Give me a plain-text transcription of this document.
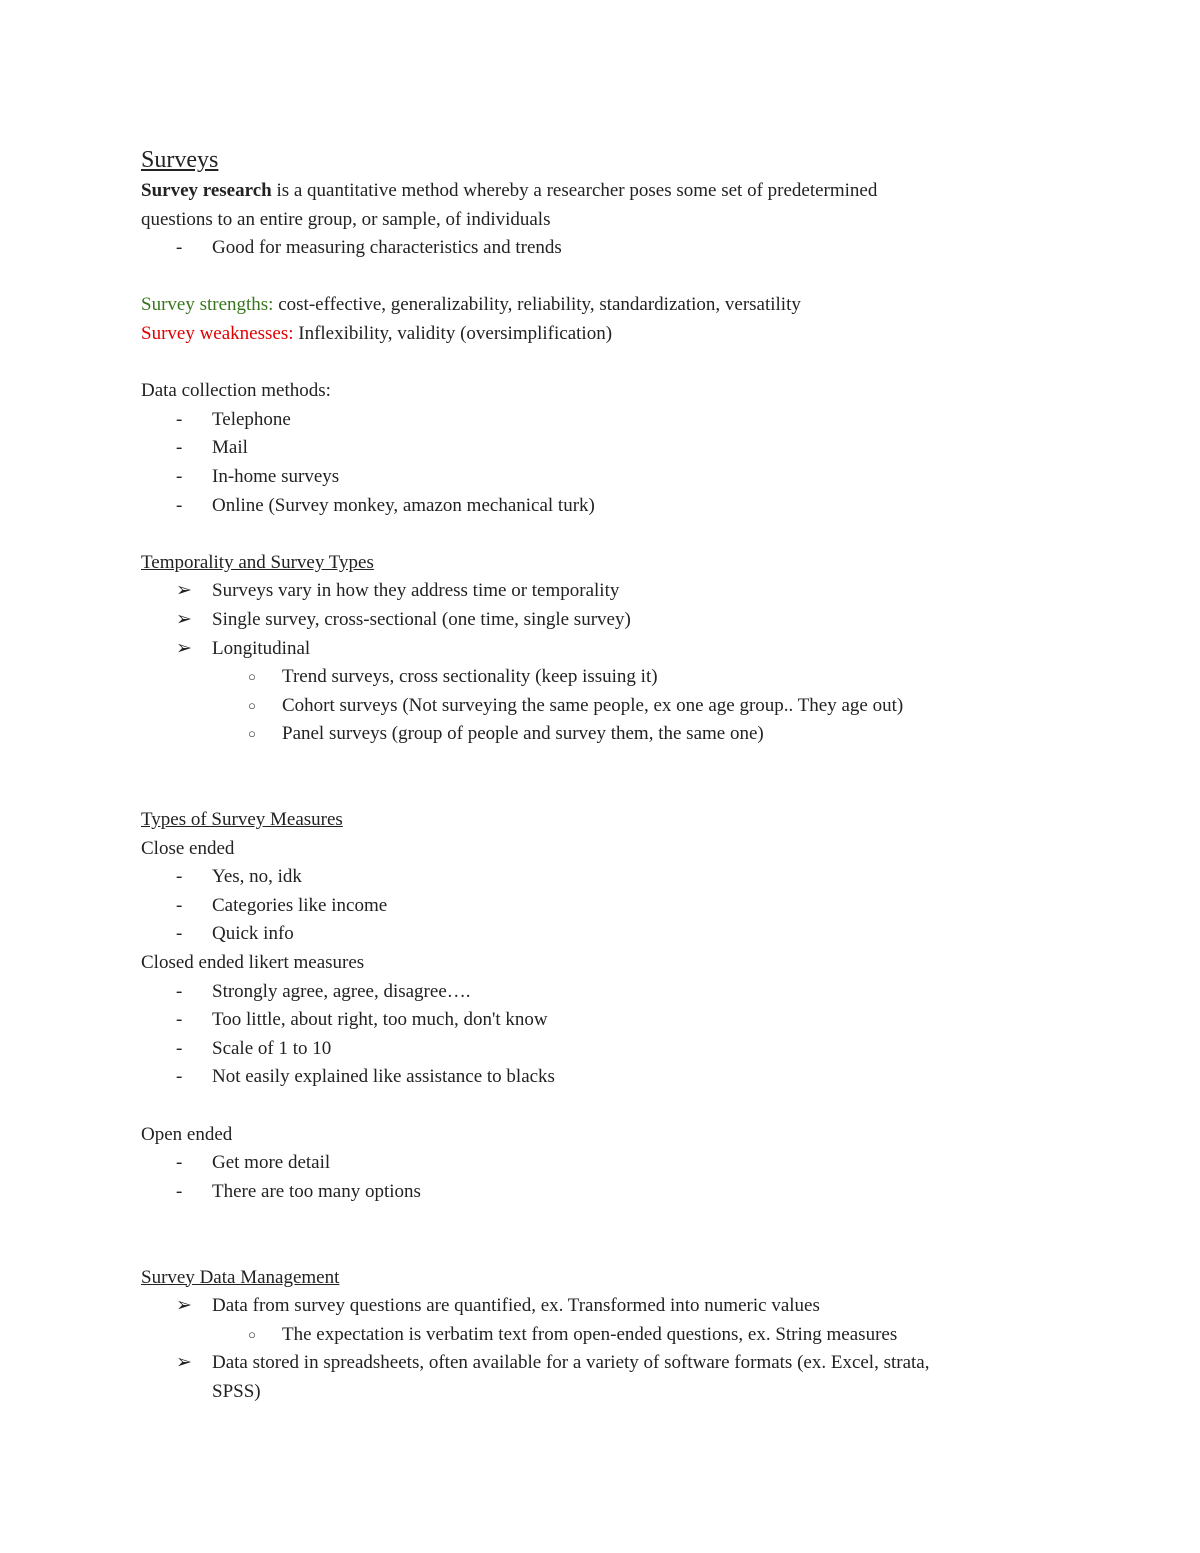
Surveys
Survey research is a quantitative method whereby a researcher poses some set of predetermined
questions to an entire group, or sample, of individuals
- Good for measuring characteristics and trends
Survey strengths: cost-effective, generalizability, reliability, standardization, versatility
Survey weaknesses: Inflexibility, validity (oversimplification)
Data collection methods:
- Telephone
- Mail
- In-home surveys
- Online (Survey monkey, amazon mechanical turk)
Temporality and Survey Types
➢ Surveys vary in how they address time or temporality
➢ Single survey, cross-sectional (one time, single survey)
➢ Longitudinal
○ Trend surveys, cross sectionality (keep issuing it)
○ Cohort surveys (Not surveying the same people, ex one age group.. They age out)
○ Panel surveys (group of people and survey them, the same one)
Types of Survey Measures
Close ended
- Yes, no, idk
- Categories like income
- Quick info
Closed ended likert measures
- Strongly agree, agree, disagree….
- Too little, about right, too much, don't know
- Scale of 1 to 10
- Not easily explained like assistance to blacks
Open ended
- Get more detail
- There are too many options
Survey Data Management
➢ Data from survey questions are quantified, ex. Transformed into numeric values
○ The expectation is verbatim text from open-ended questions, ex. String measures
➢ Data stored in spreadsheets, often available for a variety of software formats (ex. Excel, strata,
SPSS)
